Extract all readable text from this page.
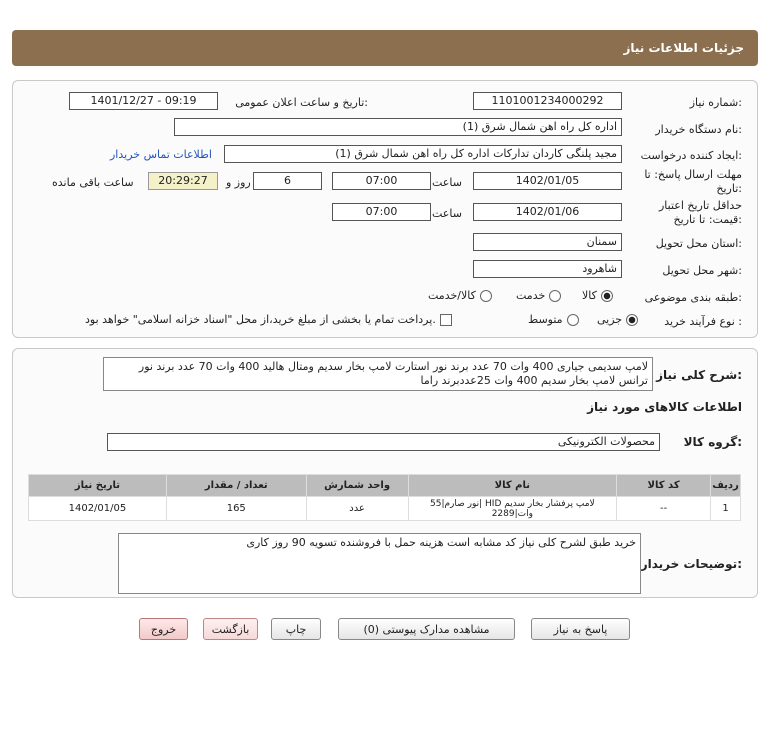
جزئیات اطلاعات نیاز
شماره نیاز:
1101001234000292
تاریخ و ساعت اعلان عمومی:
1401/12/27 - 09:19
نام دستگاه خریدار:
اداره کل راه اهن شمال شرق (1)
ایجاد کننده درخواست:
مجید پلنگی کاردان تدارکات اداره کل راه اهن شمال شرق (1)
اطلاعات تماس خریدار
مهلت ارسال پاسخ: تا تاریخ:
1402/01/05
ساعت
07:00
6
روز و
20:29:27
ساعت باقی مانده
حداقل تاریخ اعتبار قیمت: تا تاریخ:
1402/01/06
ساعت
07:00
استان محل تحویل:
سمنان
شهر محل تحویل:
شاهرود
طبقه بندی موضوعی:
کالا
خدمت
کالا/خدمت
نوع فرآیند خرید :
جزیی
متوسط
پرداخت تمام یا بخشی از مبلغ خرید،از محل "اسناد خزانه اسلامی" خواهد بود.
شرح کلی نیاز:
لامپ سدیمی جیاری 400 وات 70 عدد برند نور استارت لامپ بخار سدیم ومتال هالید 400 وات 70 عدد برند نور ترانس لامپ بخار سدیم 400 وات 25عددبرند راما
اطلاعات کالاهای مورد نیاز
گروه کالا:
محصولات الکترونیکی
ردیف	کد کالا	نام کالا	واحد شمارش	تعداد / مقدار	تاریخ نیاز
1	--	لامپ پرفشار بخار سدیم HID |نور صارم|55 وات|2289	عدد	165	1402/01/05
توضیحات خریدار:
خرید طبق لشرح کلی نیاز کد مشابه است هزینه حمل با فروشنده تسویه 90 روز کاری
پاسخ به نیاز
مشاهده مدارک پیوستی (0)
چاپ
بازگشت
خروج
